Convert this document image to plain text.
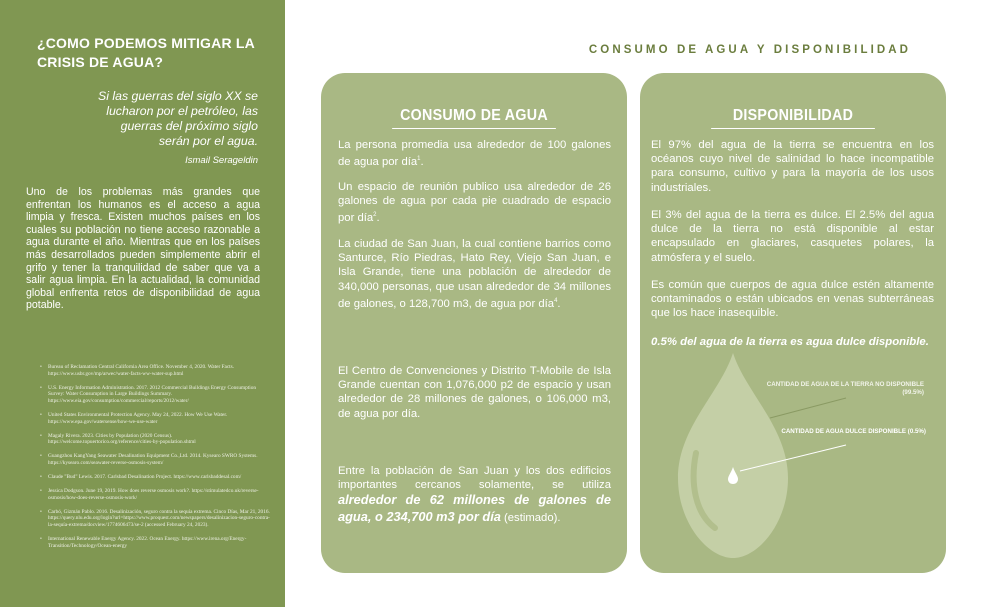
¿COMO PODEMOS MITIGAR LA CRISIS DE AGUA?
Si las guerras del siglo XX se lucharon por el petróleo, las guerras del próximo siglo serán por el agua.
Ismail Serageldin
Uno de los problemas más grandes que enfrentan los humanos es el acceso a agua limpia y fresca. Existen muchos países en los cuales su población no tiene acceso razonable a agua durante el año. Mientras que en los países más desarrollados pueden simplemente abrir el grifo y tener la tranquilidad de saber que va a salir agua limpia. En la actualidad, la comunidad global enfrenta retos de disponibilidad de agua potable.
• Bureau of Reclamation Central California Area Office. November 4, 2020. Water Facts. https://www.usbr.gov/mp/arwec/water-facts-ww-water-sup.html
• U.S. Energy Information Administration. 2017. 2012 Commercial Buildings Energy Consumption Survey: Water Consumption in Large Buildings Summary. https://www.eia.gov/consumption/commercial/reports/2012/water/
• United States Environmental Protection Agency. May 24, 2022. How We Use Water. https://www.epa.gov/watersense/how-we-use-water
• Magaly Rivera. 2023. Cities by Population (2020 Census). https://welcome.topuertorico.org/reference/cities-by-population.shtml
• Guangzhou KangYang Seawater Desalination Equipment Co.,Ltd. 2014. Kysearo SWRO Systems. https://kysearo.com/seawater-reverse-osmosis-system/
• Claude "Bud" Lewis. 2017. Carlsbad Desalination Project. https://www.carlsbaddesal.com/
• Jessica Dodgson. June 19, 2019. How does reverse osmosis work?. https://stimulatedco.uk/reverse-osmosis/how-does-reverse-osmosis-work/
• Carbó, Gizmán Pablo. 2016. Desalinización, seguro contra la sequía extrema. Cinco Días, Mar 21, 2016. https://query.nlu.edu.org/login?url=https://www.proquest.com/newspapers/desalinizacion-seguro-contra-la-sequía-extrema/docview/1774606473/se-2 (accessed February 24, 2023).
• International Renewable Energy Agency. 2022. Ocean Energy. https://www.irena.org/Energy-Transition/Technology/Ocean-energy
CONSUMO DE AGUA Y DISPONIBILIDAD
CONSUMO DE AGUA
La persona promedia usa alrededor de 100 galones de agua por día$^1$.
Un espacio de reunión publico usa alrededor de 26 galones de agua por cada pie cuadrado de espacio por día$^2$.
La ciudad de San Juan, la cual contiene barrios como Santurce, Río Piedras, Hato Rey, Viejo San Juan, e Isla Grande, tiene una población de alrededor de 340,000 personas, que usan alrededor de 34 millones de galones, o 128,700 m3, de agua por día$^4$.
El Centro de Convenciones y Distrito T-Mobile de Isla Grande cuentan con 1,076,000 p2 de espacio y usan alrededor de 28 millones de galones, o 106,000 m3, de agua por día.
Entre la población de San Juan y los dos edificios importantes cercanos solamente, se utiliza alrededor de 62 millones de galones de agua, o 234,700 m3 por día (estimado).
DISPONIBILIDAD
El 97% del agua de la tierra se encuentra en los océanos cuyo nivel de salinidad lo hace incompatible para consumo, cultivo y para la mayoría de los usos industriales.
El 3% del agua de la tierra es dulce. El 2.5% del agua dulce de la tierra no está disponible al estar encapsulado en glaciares, casquetes polares, la atmósfera y el suelo.
Es común que cuerpos de agua dulce estén altamente contaminados o están ubicados en venas subterráneas que los hace inasequible.
0.5% del agua de la tierra es agua dulce disponible.
CANTIDAD DE AGUA DE LA TIERRA NO DISPONIBLE (99.5%)
CANTIDAD DE AGUA DULCE DISPONIBLE (0.5%)
